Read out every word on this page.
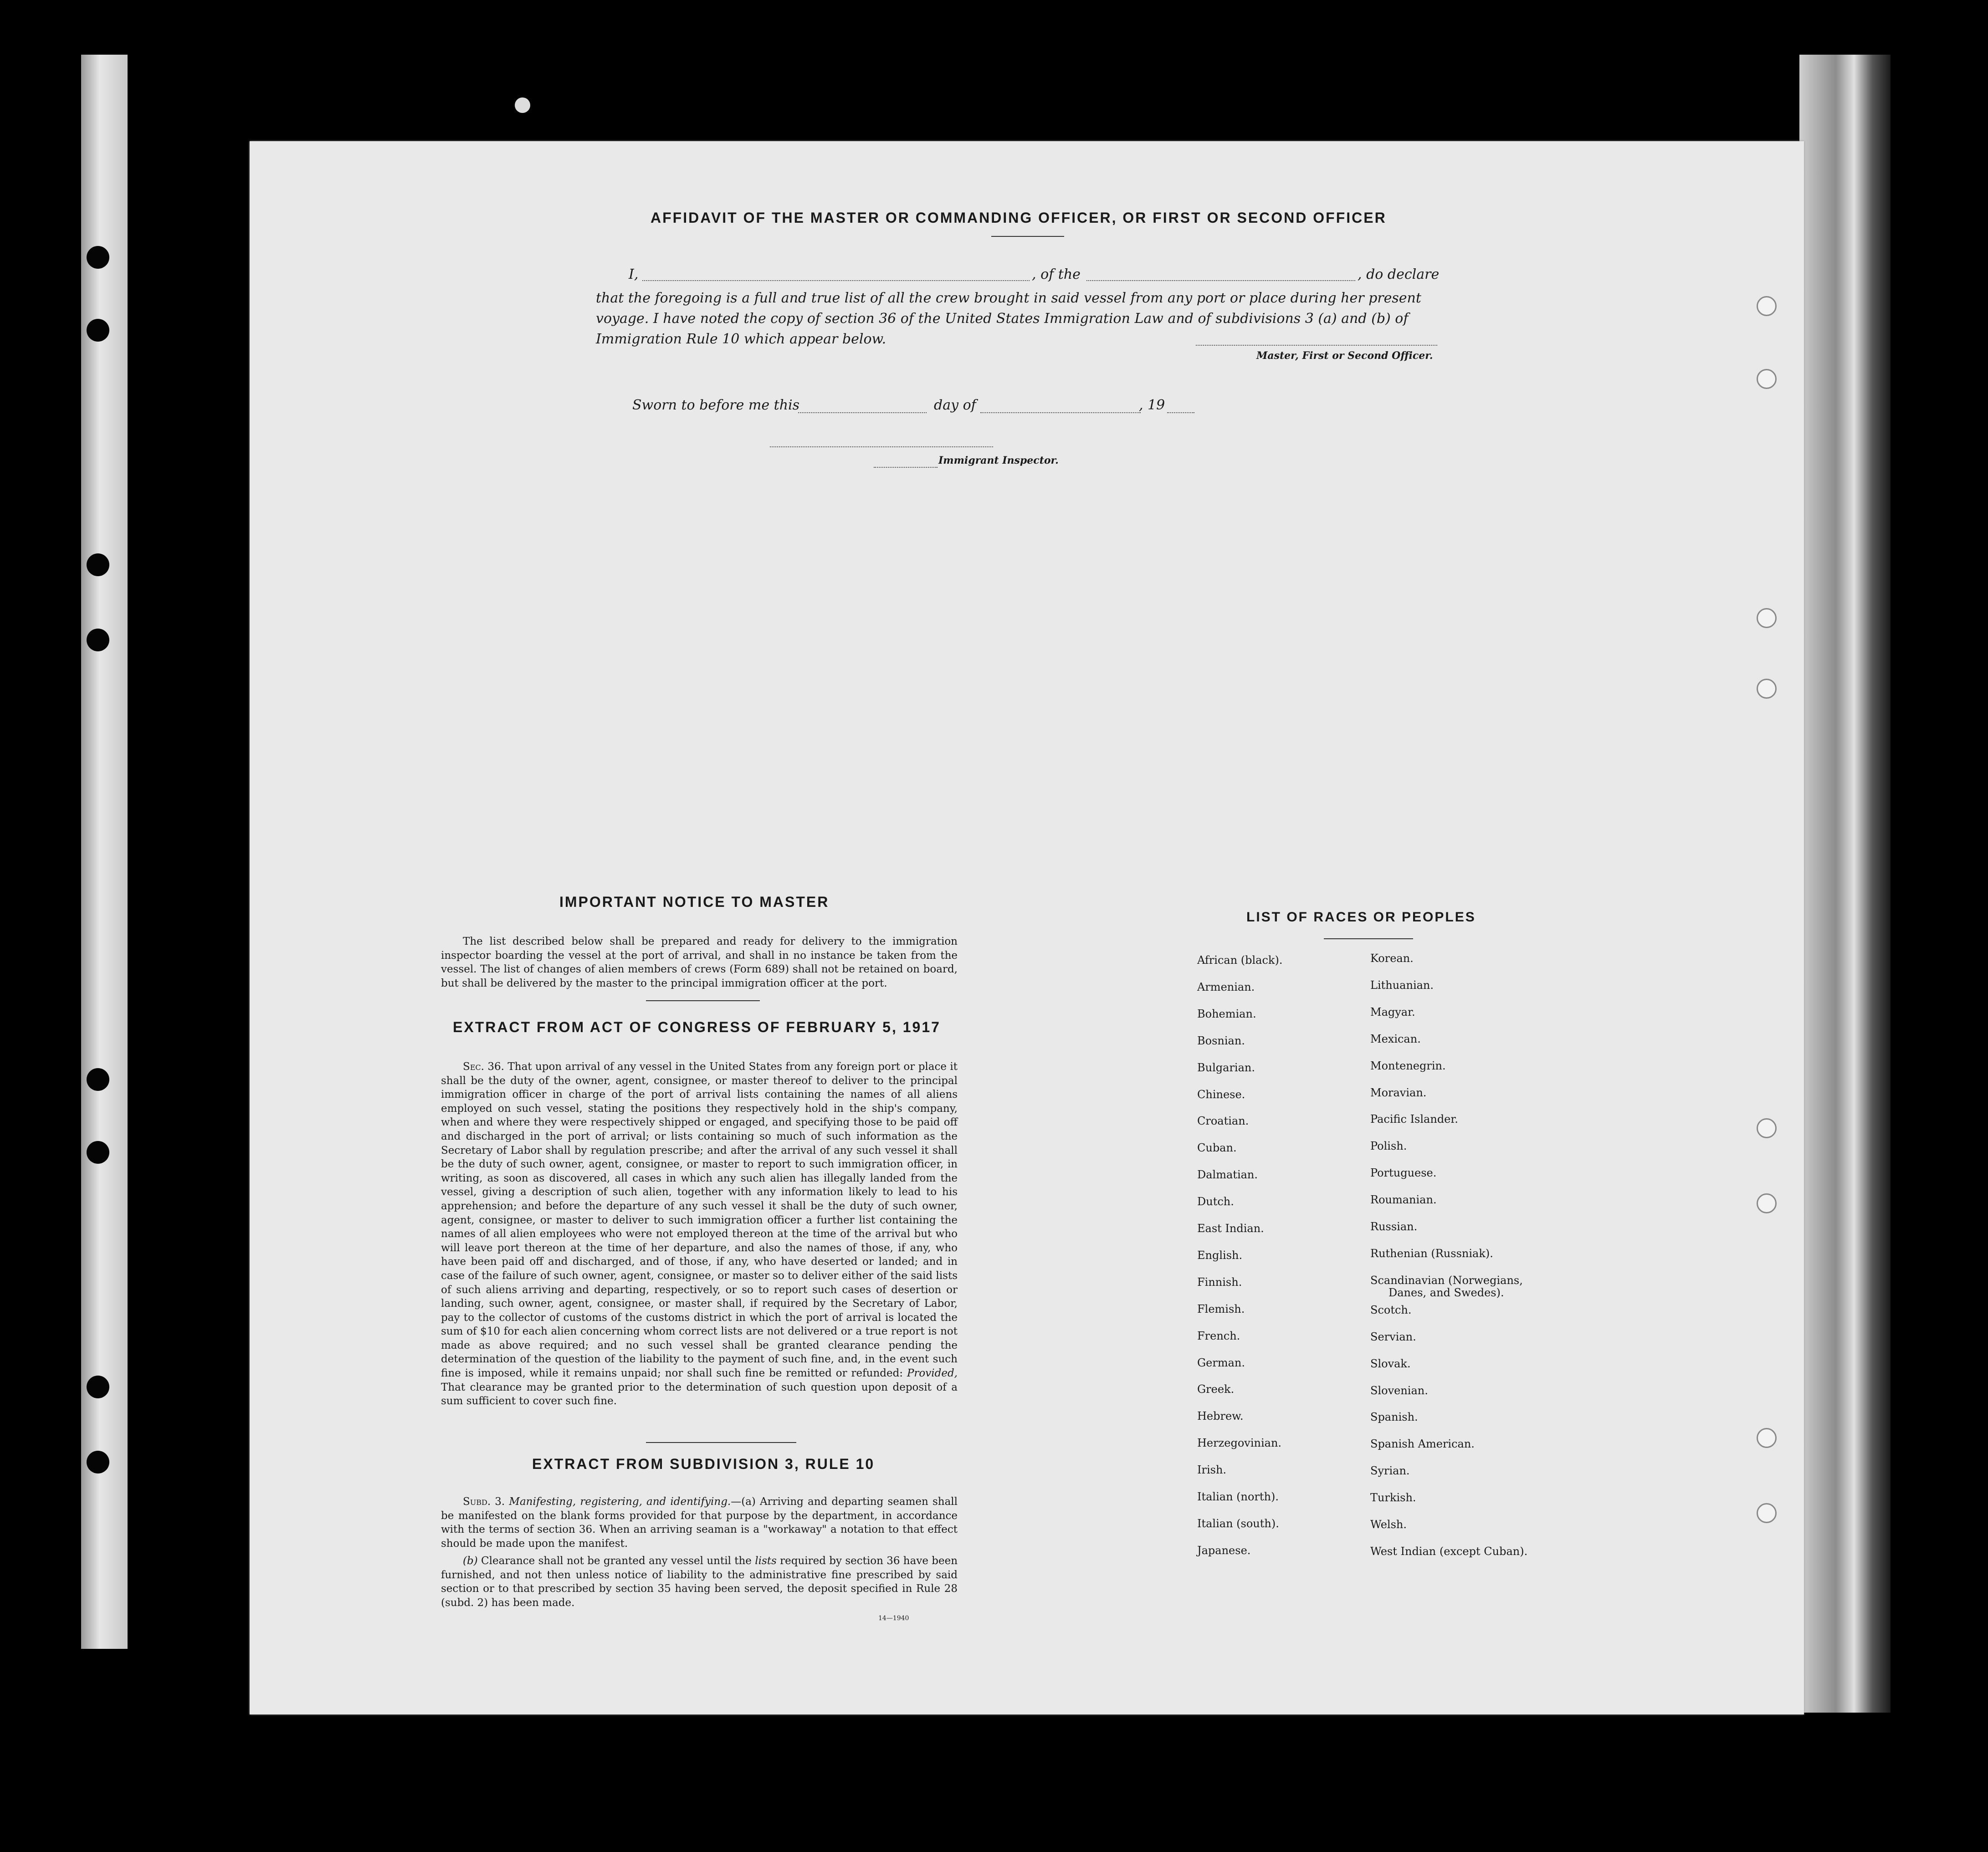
AFFIDAVIT OF THE MASTER OR COMMANDING OFFICER, OR FIRST OR SECOND OFFICER
I,	, of the	, do declare
that the foregoing is a full and true list of all the crew brought in said vessel from any port or place during her present
voyage. I have noted the copy of section 36 of the United States Immigration Law and of subdivisions 3 (a) and (b) of
Immigration Rule 10 which appear below.
Master, First or Second Officer.
Sworn to before me this	day of	, 19
Immigrant Inspector.
IMPORTANT NOTICE TO MASTER
The list described below shall be prepared and ready for delivery to the immigration inspector boarding the vessel at the port of arrival, and shall in no instance be taken from the vessel. The list of changes of alien members of crews (Form 689) shall not be retained on board, but shall be delivered by the master to the principal immigration officer at the port.
EXTRACT FROM ACT OF CONGRESS OF FEBRUARY 5, 1917
Sec. 36. That upon arrival of any vessel in the United States from any foreign port or place it shall be the duty of the owner, agent, consignee, or master thereof to deliver to the principal immigration officer in charge of the port of arrival lists containing the names of all aliens employed on such vessel, stating the positions they respectively hold in the ship's company, when and where they were respectively shipped or engaged, and specifying those to be paid off and discharged in the port of arrival; or lists containing so much of such information as the Secretary of Labor shall by regulation prescribe; and after the arrival of any such vessel it shall be the duty of such owner, agent, consignee, or master to report to such immigration officer, in writing, as soon as discovered, all cases in which any such alien has illegally landed from the vessel, giving a description of such alien, together with any information likely to lead to his apprehension; and before the departure of any such vessel it shall be the duty of such owner, agent, consignee, or master to deliver to such immigration officer a further list containing the names of all alien employees who were not employed thereon at the time of the arrival but who will leave port thereon at the time of her departure, and also the names of those, if any, who have been paid off and discharged, and of those, if any, who have deserted or landed; and in case of the failure of such owner, agent, consignee, or master so to deliver either of the said lists of such aliens arriving and departing, respectively, or so to report such cases of desertion or landing, such owner, agent, consignee, or master shall, if required by the Secretary of Labor, pay to the collector of customs of the customs district in which the port of arrival is located the sum of $10 for each alien concerning whom correct lists are not delivered or a true report is not made as above required; and no such vessel shall be granted clearance pending the determination of the question of the liability to the payment of such fine, and, in the event such fine is imposed, while it remains unpaid; nor shall such fine be remitted or refunded: Provided, That clearance may be granted prior to the determination of such question upon deposit of a sum sufficient to cover such fine.
EXTRACT FROM SUBDIVISION 3, RULE 10
Subd. 3. Manifesting, registering, and identifying.—(a) Arriving and departing seamen shall be manifested on the blank forms provided for that purpose by the department, in accordance with the terms of section 36. When an arriving seaman is a "workaway" a notation to that effect should be made upon the manifest.
(b) Clearance shall not be granted any vessel until the lists required by section 36 have been furnished, and not then unless notice of liability to the administrative fine prescribed by said section or to that prescribed by section 35 having been served, the deposit specified in Rule 28 (subd. 2) has been made.
14—1940
LIST OF RACES OR PEOPLES
African (black).
Armenian.
Bohemian.
Bosnian.
Bulgarian.
Chinese.
Croatian.
Cuban.
Dalmatian.
Dutch.
East Indian.
English.
Finnish.
Flemish.
French.
German.
Greek.
Hebrew.
Herzegovinian.
Irish.
Italian (north).
Italian (south).
Japanese.
Korean.
Lithuanian.
Magyar.
Mexican.
Montenegrin.
Moravian.
Pacific Islander.
Polish.
Portuguese.
Roumanian.
Russian.
Ruthenian (Russniak).
Scandinavian (Norwegians,
Danes, and Swedes).
Scotch.
Servian.
Slovak.
Slovenian.
Spanish.
Spanish American.
Syrian.
Turkish.
Welsh.
West Indian (except Cuban).
